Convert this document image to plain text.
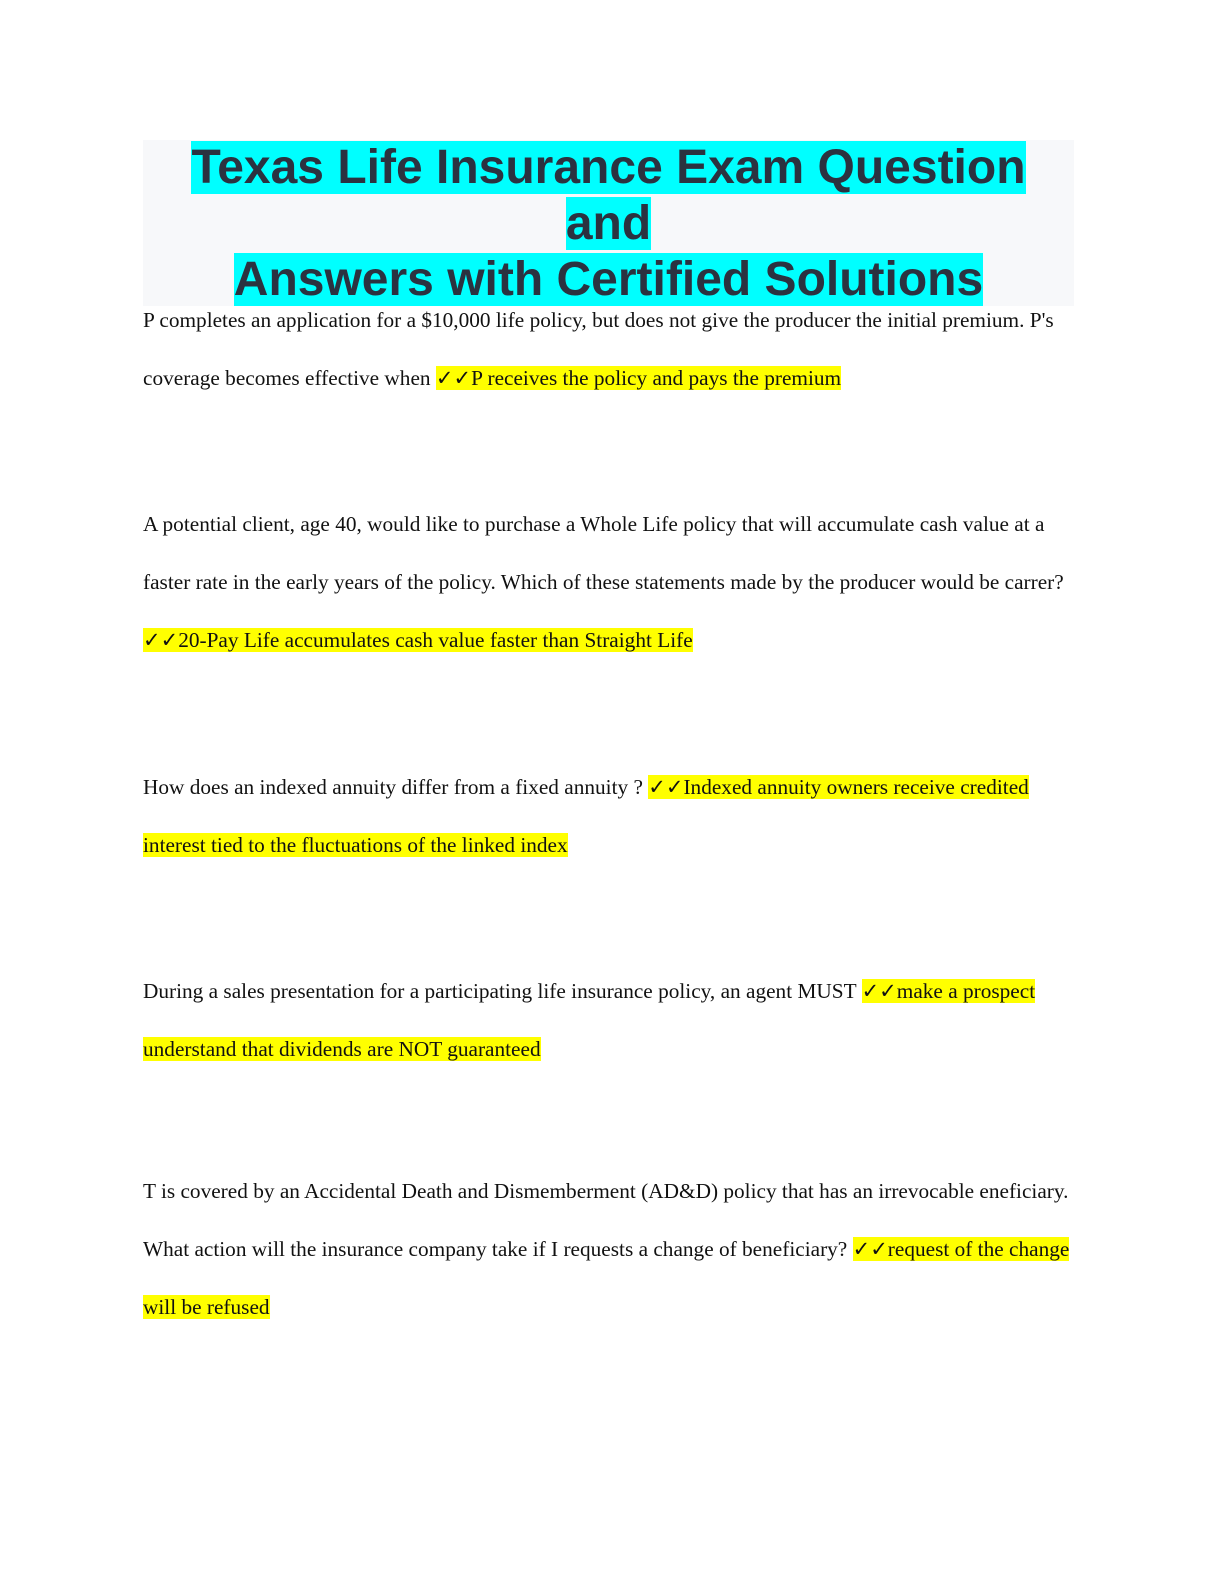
Texas Life Insurance Exam Question and
Answers with Certified Solutions

P completes an application for a $10,000 life policy, but does not give the producer the initial premium. P's coverage becomes effective when ✓✓P receives the policy and pays the premium

A potential client, age 40, would like to purchase a Whole Life policy that will accumulate cash value at a faster rate in the early years of the policy. Which of these statements made by the producer would be carrer? ✓✓20-Pay Life accumulates cash value faster than Straight Life

How does an indexed annuity differ from a fixed annuity ? ✓✓Indexed annuity owners receive credited interest tied to the fluctuations of the linked index

During a sales presentation for a participating life insurance policy, an agent MUST ✓✓make a prospect understand that dividends are NOT guaranteed

T is covered by an Accidental Death and Dismemberment (AD&D) policy that has an irrevocable eneficiary. What action will the insurance company take if I requests a change of beneficiary? ✓✓request of the change will be refused
